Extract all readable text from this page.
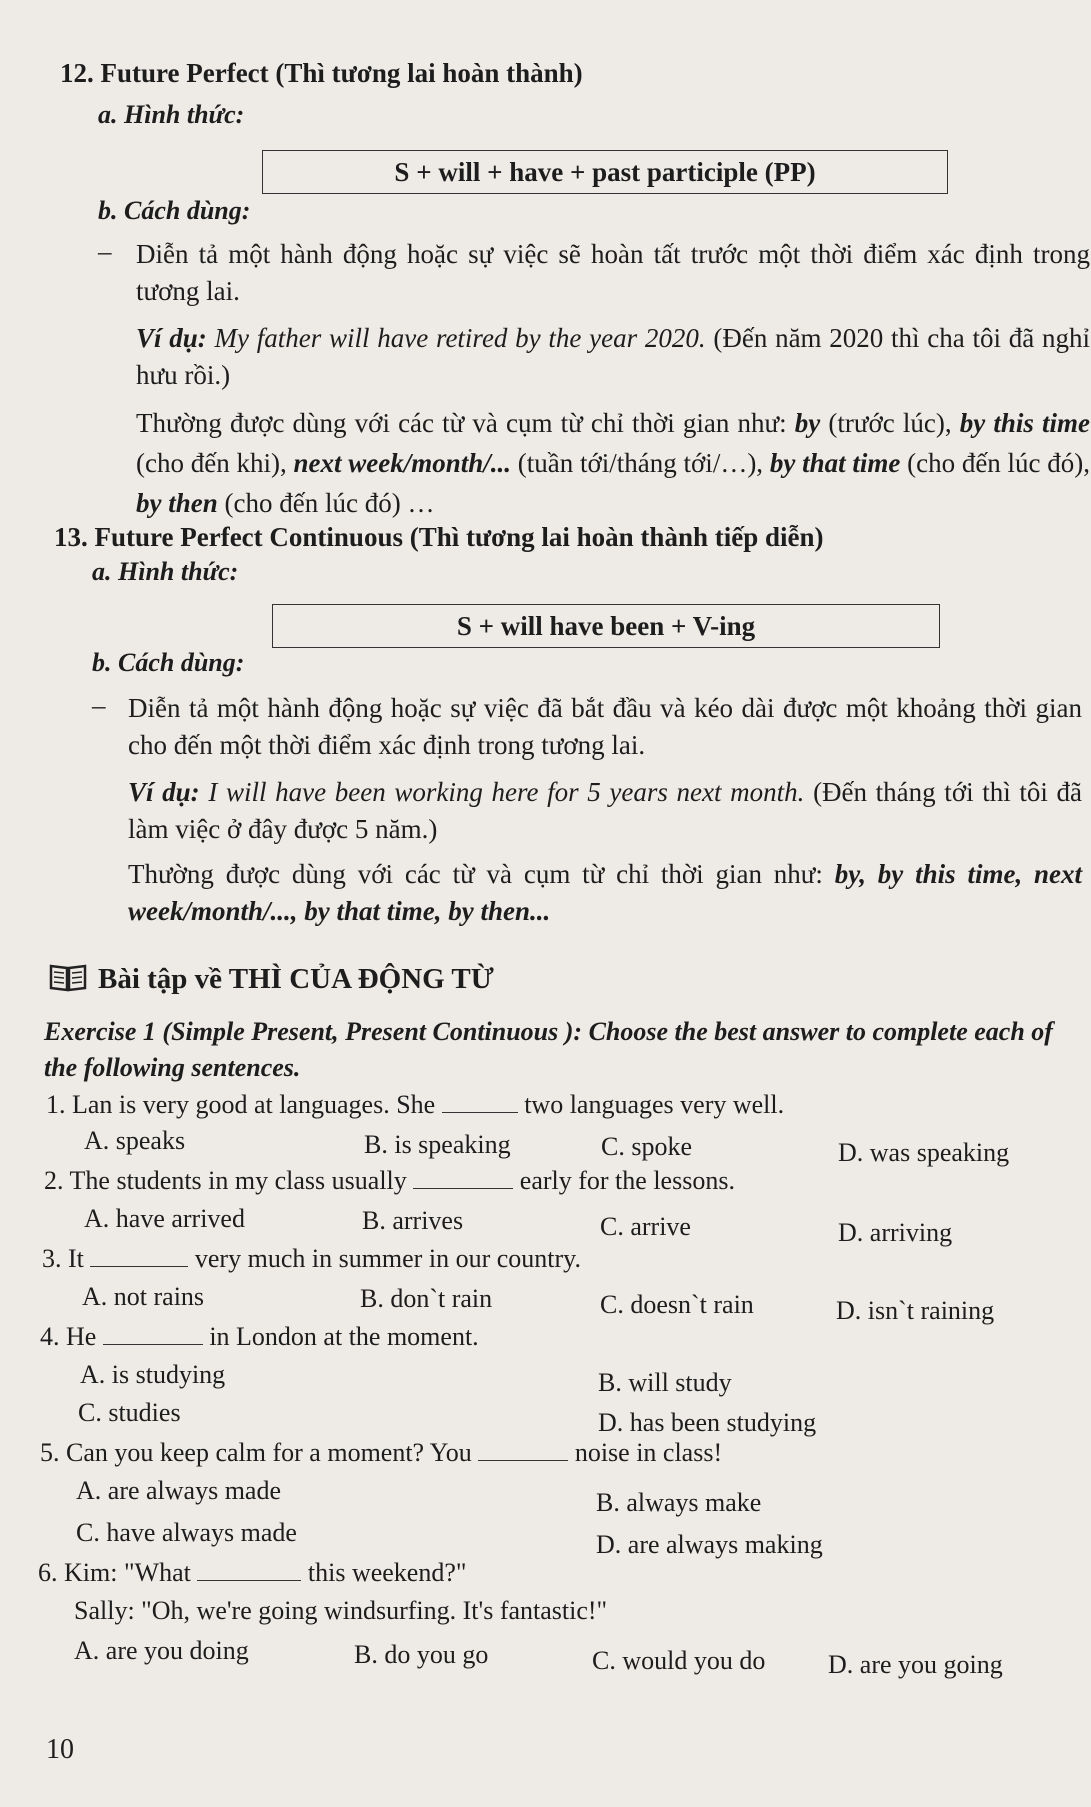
12. Future Perfect (Thì tương lai hoàn thành)
a. Hình thức:
S + will + have + past participle (PP)
b. Cách dùng:
– Diễn tả một hành động hoặc sự việc sẽ hoàn tất trước một thời điểm xác định trong tương lai.
Ví dụ: My father will have retired by the year 2020. (Đến năm 2020 thì cha tôi đã nghỉ hưu rồi.)
Thường được dùng với các từ và cụm từ chỉ thời gian như: by (trước lúc), by this time (cho đến khi), next week/month/... (tuần tới/tháng tới/…), by that time (cho đến lúc đó), by then (cho đến lúc đó) …
13. Future Perfect Continuous (Thì tương lai hoàn thành tiếp diễn)
a. Hình thức:
S + will have been + V-ing
b. Cách dùng:
– Diễn tả một hành động hoặc sự việc đã bắt đầu và kéo dài được một khoảng thời gian cho đến một thời điểm xác định trong tương lai.
Ví dụ: I will have been working here for 5 years next month. (Đến tháng tới thì tôi đã làm việc ở đây được 5 năm.)
Thường được dùng với các từ và cụm từ chỉ thời gian như: by, by this time, next week/month/..., by that time, by then...
Bài tập về THÌ CỦA ĐỘNG TỪ
Exercise 1 (Simple Present, Present Continuous ): Choose the best answer to complete each of the following sentences.
1. Lan is very good at languages. She	two languages very well.
A. speaks	B. is speaking	C. spoke	D. was speaking
2. The students in my class usually	early for the lessons.
A. have arrived	B. arrives	C. arrive	D. arriving
3. It	very much in summer in our country.
A. not rains	B. don`t rain	C. doesn`t rain	D. isn`t raining
4. He	in London at the moment.
A. is studying	B. will study
C. studies	D. has been studying
5. Can you keep calm for a moment? You	noise in class!
A. are always made	B. always make
C. have always made	D. are always making
6. Kim: "What	this weekend?"
Sally: "Oh, we're going windsurfing. It's fantastic!"
A. are you doing	B. do you go	C. would you do D. are you going
10
